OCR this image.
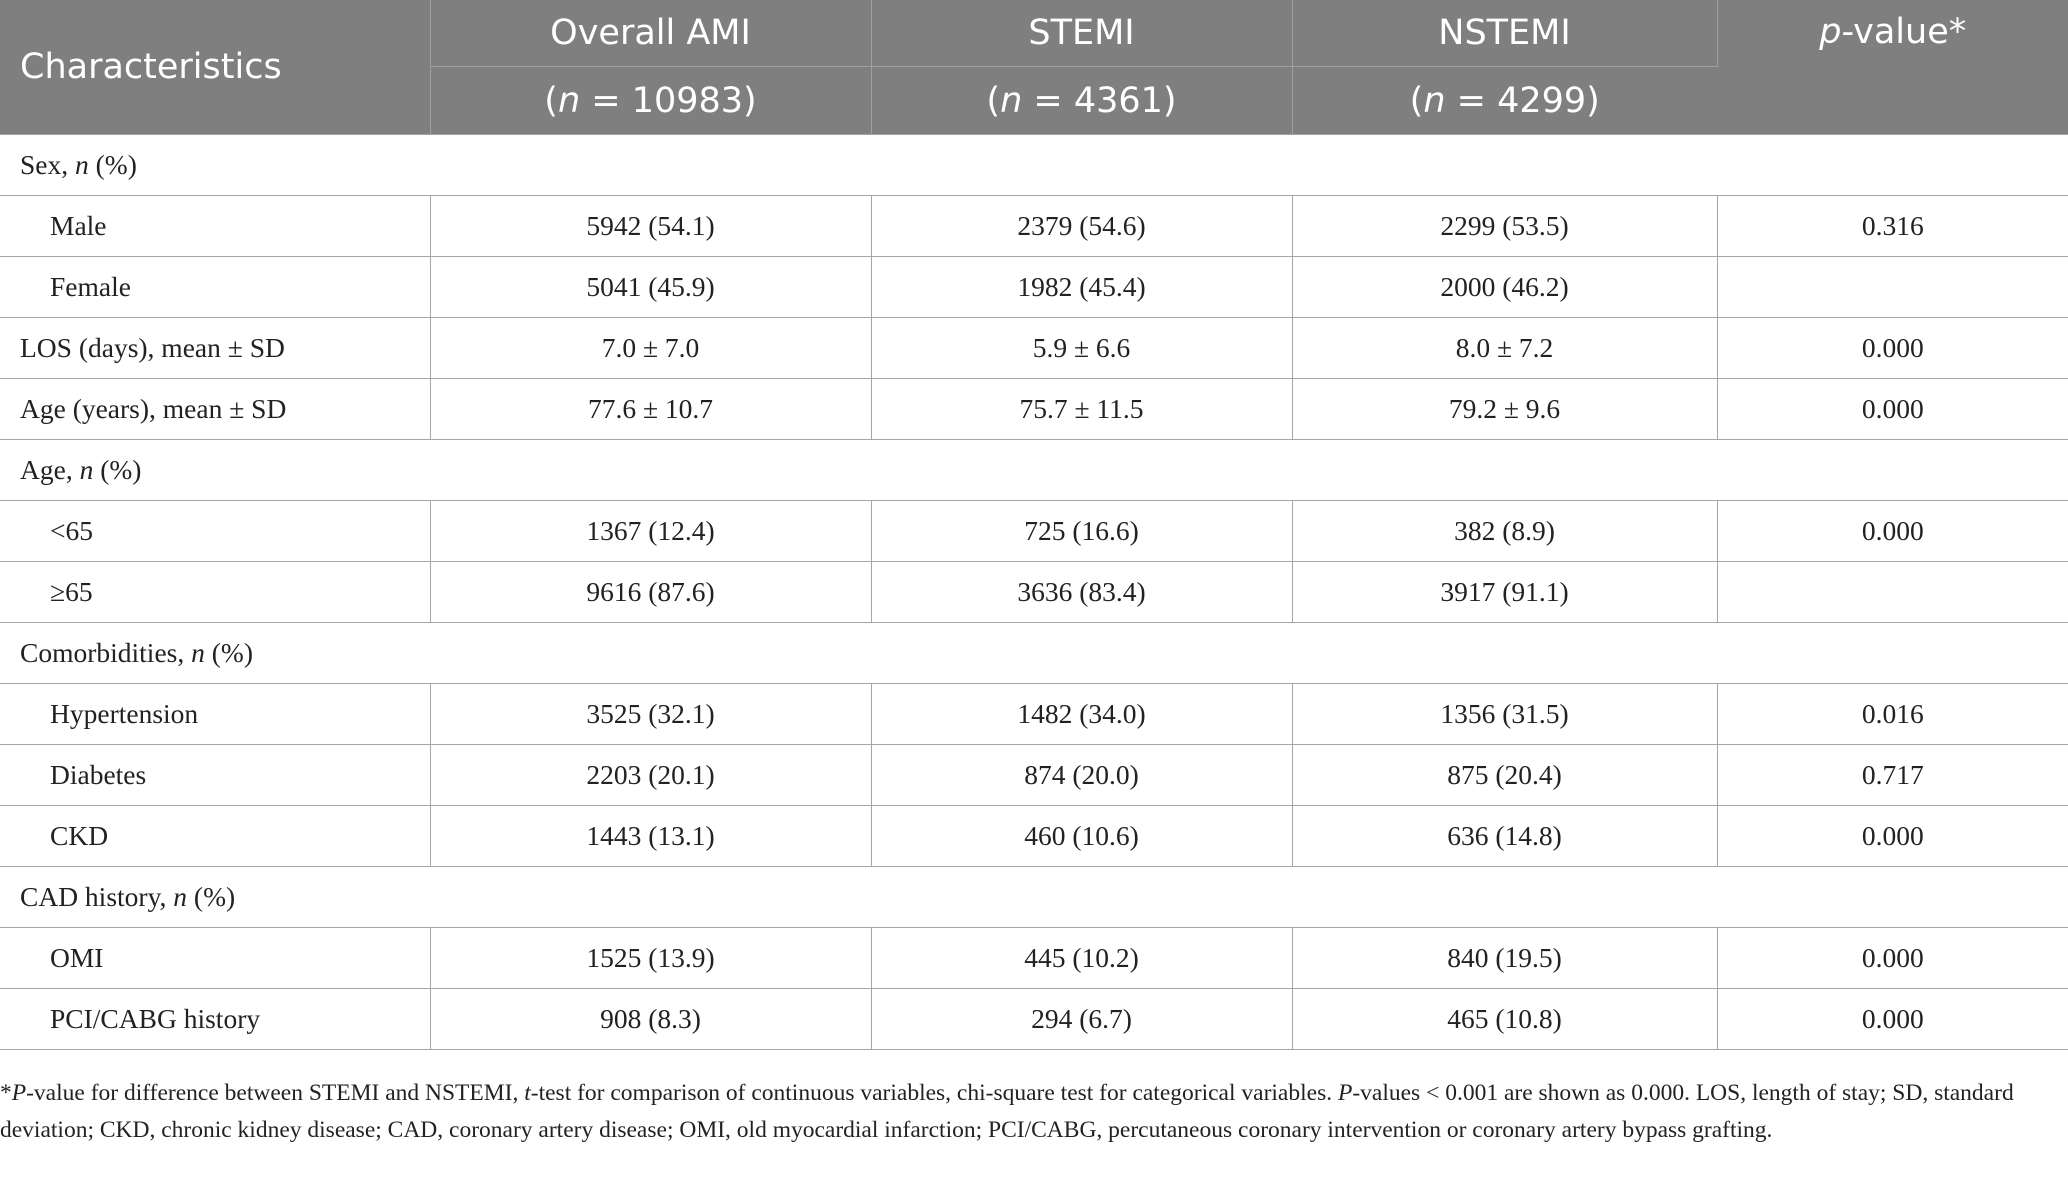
Characteristics	Overall AMI	STEMI	NSTEMI	p-value*
	(n = 10983)	(n = 4361)	(n = 4299)	
Sex, n (%)				
Male	5942 (54.1)	2379 (54.6)	2299 (53.5)	0.316
Female	5041 (45.9)	1982 (45.4)	2000 (46.2)	
LOS (days), mean ± SD	7.0 ± 7.0	5.9 ± 6.6	8.0 ± 7.2	0.000
Age (years), mean ± SD	77.6 ± 10.7	75.7 ± 11.5	79.2 ± 9.6	0.000
Age, n (%)				
<65	1367 (12.4)	725 (16.6)	382 (8.9)	0.000
≥65	9616 (87.6)	3636 (83.4)	3917 (91.1)	
Comorbidities, n (%)				
Hypertension	3525 (32.1)	1482 (34.0)	1356 (31.5)	0.016
Diabetes	2203 (20.1)	874 (20.0)	875 (20.4)	0.717
CKD	1443 (13.1)	460 (10.6)	636 (14.8)	0.000
CAD history, n (%)				
OMI	1525 (13.9)	445 (10.2)	840 (19.5)	0.000
PCI/CABG history	908 (8.3)	294 (6.7)	465 (10.8)	0.000

*P-value for difference between STEMI and NSTEMI, t-test for comparison of continuous variables, chi-square test for categorical variables. P-values < 0.001 are shown as 0.000. LOS, length of stay; SD, standard deviation; CKD, chronic kidney disease; CAD, coronary artery disease; OMI, old myocardial infarction; PCI/CABG, percutaneous coronary intervention or coronary artery bypass grafting.
